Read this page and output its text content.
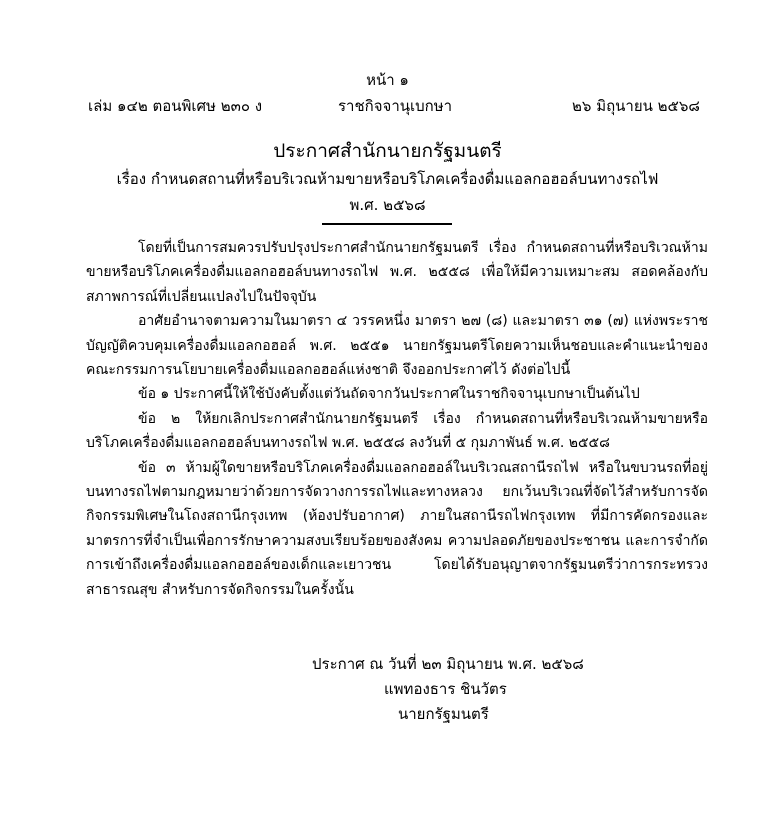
หน้า ๑
เล่ม ๑๔๒ ตอนพิเศษ ๒๓๐ ง	ราชกิจจานุเบกษา	๒๖ มิถุนายน ๒๕๖๘
ประกาศสำนักนายกรัฐมนตรี
เรื่อง กำหนดสถานที่หรือบริเวณห้ามขายหรือบริโภคเครื่องดื่มแอลกอฮอล์บนทางรถไฟ
พ.ศ. ๒๕๖๘

โดยที่เป็นการสมควรปรับปรุงประกาศสำนักนายกรัฐมนตรี เรื่อง กำหนดสถานที่หรือบริเวณห้ามขายหรือบริโภคเครื่องดื่มแอลกอฮอล์บนทางรถไฟ พ.ศ. ๒๕๕๘ เพื่อให้มีความเหมาะสม สอดคล้องกับสภาพการณ์ที่เปลี่ยนแปลงไปในปัจจุบัน

อาศัยอำนาจตามความในมาตรา ๔ วรรคหนึ่ง มาตรา ๒๗ (๘) และมาตรา ๓๑ (๗) แห่งพระราชบัญญัติควบคุมเครื่องดื่มแอลกอฮอล์ พ.ศ. ๒๕๕๑ นายกรัฐมนตรีโดยความเห็นชอบและคำแนะนำของคณะกรรมการนโยบายเครื่องดื่มแอลกอฮอล์แห่งชาติ จึงออกประกาศไว้ ดังต่อไปนี้

ข้อ ๑ ประกาศนี้ให้ใช้บังคับตั้งแต่วันถัดจากวันประกาศในราชกิจจานุเบกษาเป็นต้นไป

ข้อ ๒ ให้ยกเลิกประกาศสำนักนายกรัฐมนตรี เรื่อง กำหนดสถานที่หรือบริเวณห้ามขายหรือบริโภคเครื่องดื่มแอลกอฮอล์บนทางรถไฟ พ.ศ. ๒๕๕๘ ลงวันที่ ๕ กุมภาพันธ์ พ.ศ. ๒๕๕๘

ข้อ ๓ ห้ามผู้ใดขายหรือบริโภคเครื่องดื่มแอลกอฮอล์ในบริเวณสถานีรถไฟ หรือในขบวนรถที่อยู่บนทางรถไฟตามกฎหมายว่าด้วยการจัดวางการรถไฟและทางหลวง ยกเว้นบริเวณที่จัดไว้สำหรับการจัดกิจกรรมพิเศษในโถงสถานีกรุงเทพ (ห้องปรับอากาศ) ภายในสถานีรถไฟกรุงเทพ ที่มีการคัดกรองและมาตรการที่จำเป็นเพื่อการรักษาความสงบเรียบร้อยของสังคม ความปลอดภัยของประชาชน และการจำกัดการเข้าถึงเครื่องดื่มแอลกอฮอล์ของเด็กและเยาวชน โดยได้รับอนุญาตจากรัฐมนตรีว่าการกระทรวงสาธารณสุข สำหรับการจัดกิจกรรมในครั้งนั้น

ประกาศ ณ วันที่ ๒๓ มิถุนายน พ.ศ. ๒๕๖๘
แพทองธาร ชินวัตร
นายกรัฐมนตรี
